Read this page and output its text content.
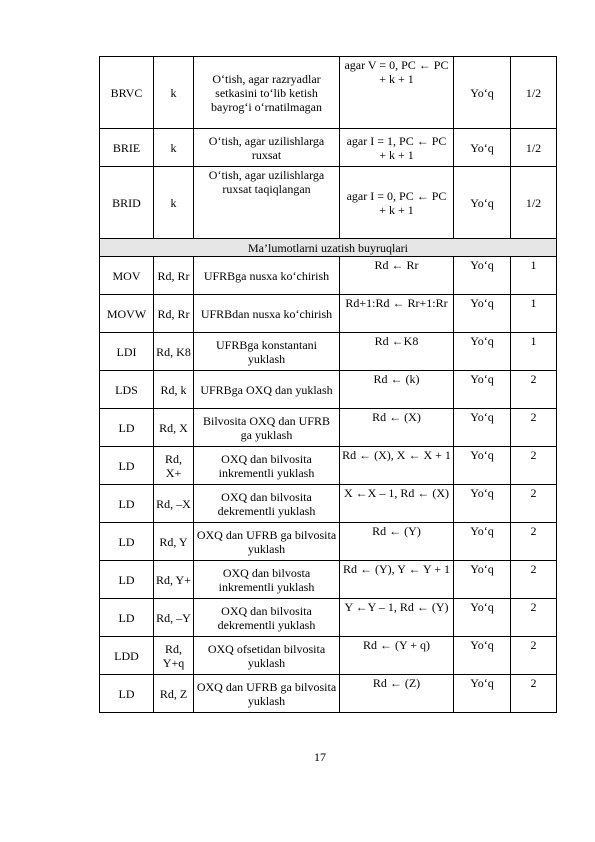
BRVC	k	O‘tish, agar razryadlar setkasini to‘lib ketish bayrog‘i o‘rnatilmagan	agar V = 0, PC ← PC + k + 1	Yo‘q	1/2
BRIE	k	O‘tish, agar uzilishlarga ruxsat	agar I = 1, PC ← PC + k + 1	Yo‘q	1/2
BRID	k	O‘tish, agar uzilishlarga ruxsat taqiqlangan	agar I = 0, PC ← PC + k + 1	Yo‘q	1/2
Ma’lumotlarni uzatish buyruqlari					
MOV	Rd, Rr	UFRBga nusxa ko‘chirish	Rd ← Rr	Yo‘q	1
MOVW	Rd, Rr	UFRBdan nusxa ko‘chirish	Rd+1:Rd ← Rr+1:Rr	Yo‘q	1
LDI	Rd, K8	UFRBga konstantani yuklash	Rd ←K8	Yo‘q	1
LDS	Rd, k	UFRBga OXQ dan yuklash	Rd ← (k)	Yo‘q	2
LD	Rd, X	Bilvosita OXQ dan UFRB ga yuklash	Rd ← (X)	Yo‘q	2
LD	Rd, X+	OXQ dan bilvosita inkrementli yuklash	Rd ← (X), X ← X + 1	Yo‘q	2
LD	Rd, –X	OXQ dan bilvosita dekrementli yuklash	X ←X – 1, Rd ← (X)	Yo‘q	2
LD	Rd, Y	OXQ dan UFRB ga bilvosita yuklash	Rd ← (Y)	Yo‘q	2
LD	Rd, Y+	OXQ dan bilvosta inkrementli yuklash	Rd ← (Y), Y ← Y + 1	Yo‘q	2
LD	Rd, –Y	OXQ dan bilvosita dekrementli yuklash	Y ←Y – 1, Rd ← (Y)	Yo‘q	2
LDD	Rd, Y+q	OXQ ofsetidan bilvosita yuklash	Rd ← (Y + q)	Yo‘q	2
LD	Rd, Z	OXQ dan UFRB ga bilvosita yuklash	Rd ← (Z)	Yo‘q	2
17
